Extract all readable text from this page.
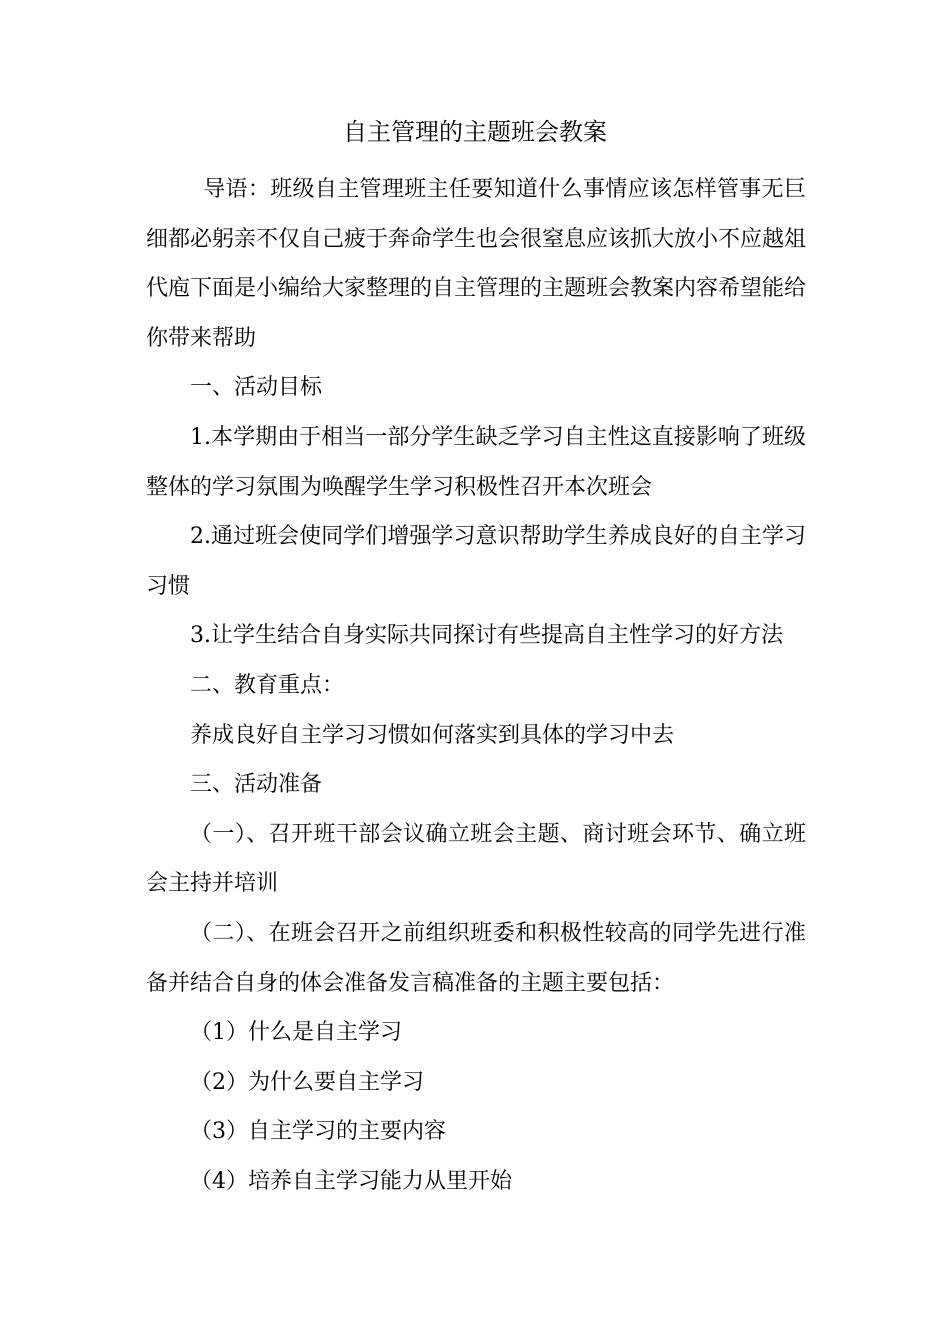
自主管理的主题班会教案

导语：班级自主管理班主任要知道什么事情应该怎样管事无巨细都必躬亲不仅自己疲于奔命学生也会很窒息应该抓大放小不应越俎代庖下面是小编给大家整理的自主管理的主题班会教案内容希望能给你带来帮助

一、活动目标

1.本学期由于相当一部分学生缺乏学习自主性这直接影响了班级整体的学习氛围为唤醒学生学习积极性召开本次班会

2.通过班会使同学们增强学习意识帮助学生养成良好的自主学习习惯

3.让学生结合自身实际共同探讨有些提高自主性学习的好方法

二、教育重点：

养成良好自主学习习惯如何落实到具体的学习中去

三、活动准备

（一）、召开班干部会议确立班会主题、商讨班会环节、确立班会主持并培训

（二）、在班会召开之前组织班委和积极性较高的同学先进行准备并结合自身的体会准备发言稿准备的主题主要包括：

（1）什么是自主学习

（2）为什么要自主学习

（3）自主学习的主要内容

（4）培养自主学习能力从里开始
